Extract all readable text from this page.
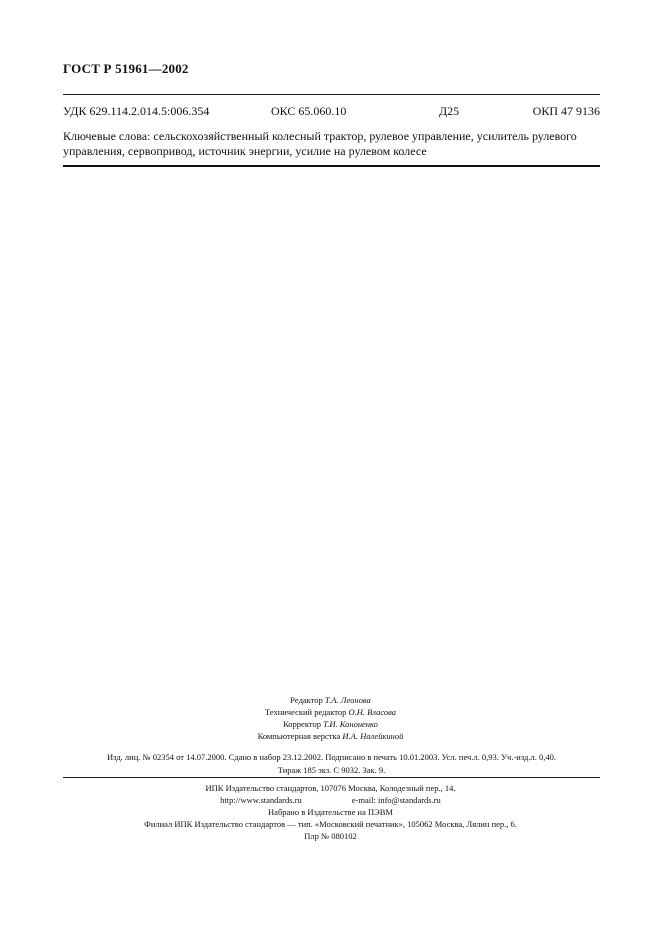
ГОСТ Р 51961—2002
УДК 629.114.2.014.5:006.354	ОКС 65.060.10	Д25	ОКП 47 9136
Ключевые слова: сельскохозяйственный колесный трактор, рулевое управление, усилитель рулевого
управления, сервопривод, источник энергии, усилие на рулевом колесе
Редактор Т.А. Леонова
Технический редактор О.Н. Власова
Корректор Т.И. Кононенко
Компьютерная верстка И.А. Налейкиной
Изд. лиц. № 02354 от 14.07.2000. Сдано в набор 23.12.2002. Подписано в печать 10.01.2003. Усл. печ.л. 0,93. Уч.-изд.л. 0,40.
Тираж 185 экз. С 9032. Зак. 9.
ИПК Издательство стандартов, 107076 Москва, Колодезный пер., 14.
http://www.standards.ru	e-mail: info@standards.ru
Набрано в Издательстве на ПЭВМ
Филиал ИПК Издательство стандартов — тип. «Московский печатник», 105062 Москва, Лялин пер., 6.
Плр № 080102
